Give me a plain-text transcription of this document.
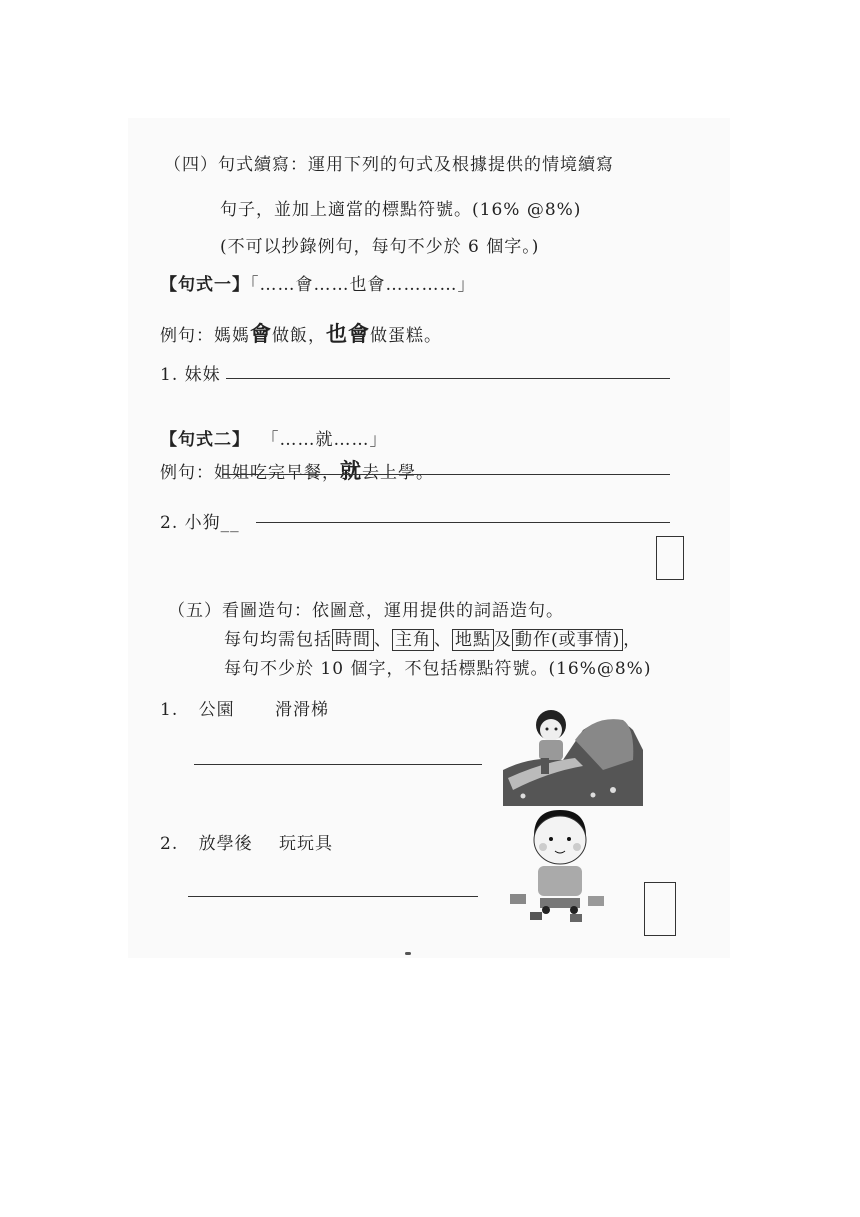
（四）句式續寫：運用下列的句式及根據提供的情境續寫
句子，並加上適當的標點符號。(16% @8%)
(不可以抄錄例句，每句不少於 6 個字。)
【句式一】「……會……也會…………」
例句：媽媽會做飯，也會做蛋糕。
1. 妹妹
【句式二】 「……就……」
例句：姐姐吃完早餐，就去上學。
2. 小狗__
（五）看圖造句：依圖意，運用提供的詞語造句。
每句均需包括 時間 、 主角 、 地點 及 動作(或事情) ，
每句不少於 10 個字，不包括標點符號。(16%@8%)
1. 公園 滑滑梯
2. 放學後 玩玩具
